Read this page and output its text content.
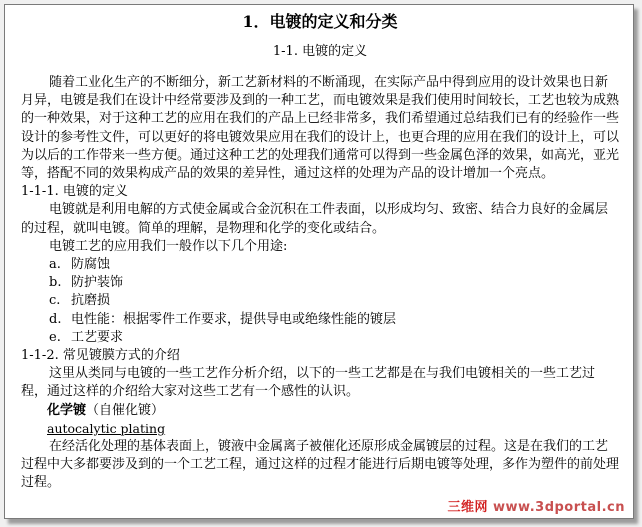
1．电镀的定义和分类
1-1. 电镀的定义

随着工业化生产的不断细分，新工艺新材料的不断涌现，在实际产品中得到应用的设计效果也日新月异，电镀是我们在设计中经常要涉及到的一种工艺，而电镀效果是我们使用时间较长，工艺也较为成熟的一种效果，对于这种工艺的应用在我们的产品上已经非常多，我们希望通过总结我们已有的经验作一些设计的参考性文件，可以更好的将电镀效果应用在我们的设计上，也更合理的应用在我们的设计上，可以为以后的工作带来一些方便。通过这种工艺的处理我们通常可以得到一些金属色泽的效果，如高光，亚光等，搭配不同的效果构成产品的效果的差异性，通过这样的处理为产品的设计增加一个亮点。

1-1-1. 电镀的定义

电镀就是利用电解的方式使金属或合金沉积在工件表面，以形成均匀、致密、结合力良好的金属层的过程，就叫电镀。简单的理解，是物理和化学的变化或结合。

电镀工艺的应用我们一般作以下几个用途:

a. 防腐蚀

b. 防护装饰

c. 抗磨损

d. 电性能：根据零件工作要求，提供导电或绝缘性能的镀层

e. 工艺要求

1-1-2. 常见镀膜方式的介绍

这里从类同与电镀的一些工艺作分析介绍，以下的一些工艺都是在与我们电镀相关的一些工艺过程，通过这样的介绍给大家对这些工艺有一个感性的认识。

化学镀（自催化镀）

autocalytic plating

在经活化处理的基体表面上，镀液中金属离子被催化还原形成金属镀层的过程。这是在我们的工艺过程中大多都要涉及到的一个工艺工程，通过这样的过程才能进行后期电镀等处理，多作为塑件的前处理过程。

三维网 www.3dportal.cn
